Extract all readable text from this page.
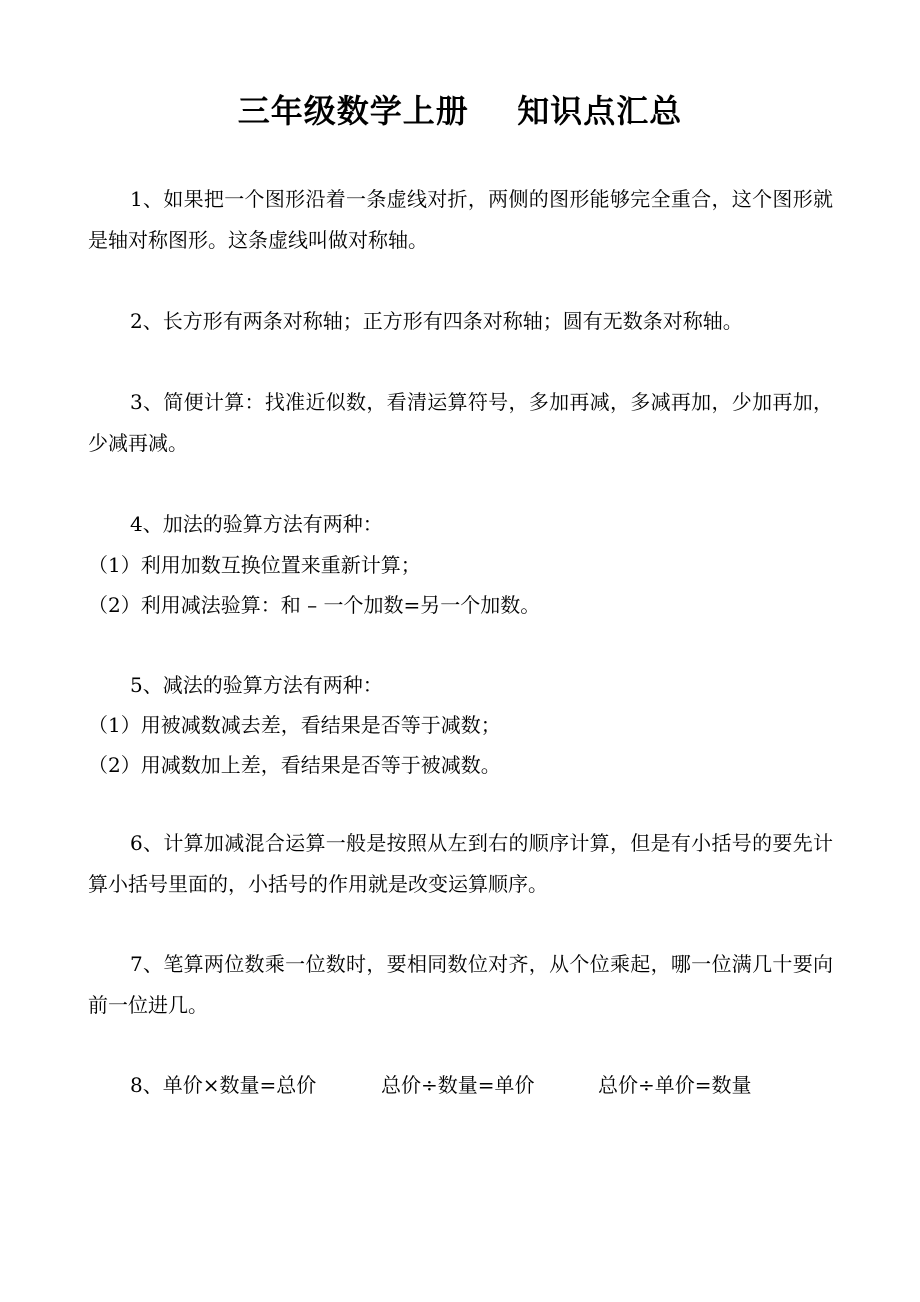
三年级数学上册    知识点汇总
1、如果把一个图形沿着一条虚线对折，两侧的图形能够完全重合，这个图形就是轴对称图形。这条虚线叫做对称轴。
2、长方形有两条对称轴；正方形有四条对称轴；圆有无数条对称轴。
3、简便计算：找准近似数，看清运算符号，多加再减，多减再加，少加再加，少减再减。
4、加法的验算方法有两种：
（1）利用加数互换位置来重新计算；
（2）利用减法验算：和 – 一个加数=另一个加数。
5、减法的验算方法有两种：
（1）用被减数减去差，看结果是否等于减数；
（2）用减数加上差，看结果是否等于被减数。
6、计算加减混合运算一般是按照从左到右的顺序计算，但是有小括号的要先计算小括号里面的，小括号的作用就是改变运算顺序。
7、笔算两位数乘一位数时，要相同数位对齐，从个位乘起，哪一位满几十要向前一位进几。
8、单价×数量=总价	总价÷数量=单价	总价÷单价=数量
